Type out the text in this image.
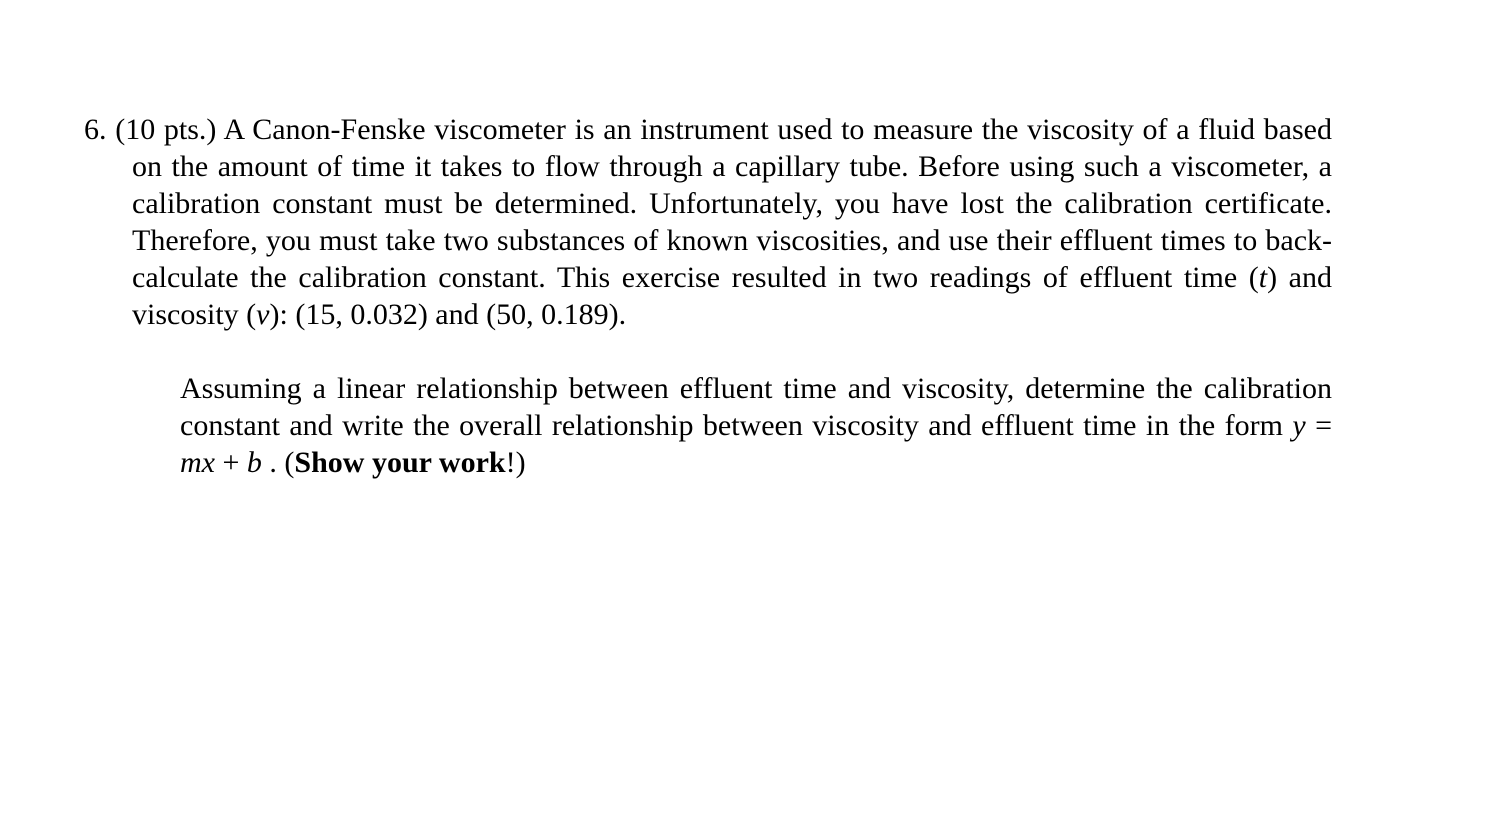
6. (10 pts.) A Canon-Fenske viscometer is an instrument used to measure the viscosity of a fluid based on the amount of time it takes to flow through a capillary tube. Before using such a viscometer, a calibration constant must be determined. Unfortunately, you have lost the calibration certificate. Therefore, you must take two substances of known viscosities, and use their effluent times to back-calculate the calibration constant. This exercise resulted in two readings of effluent time (t) and viscosity (v): (15, 0.032) and (50, 0.189).

Assuming a linear relationship between effluent time and viscosity, determine the calibration constant and write the overall relationship between viscosity and effluent time in the form y = mx + b . (Show your work!)
